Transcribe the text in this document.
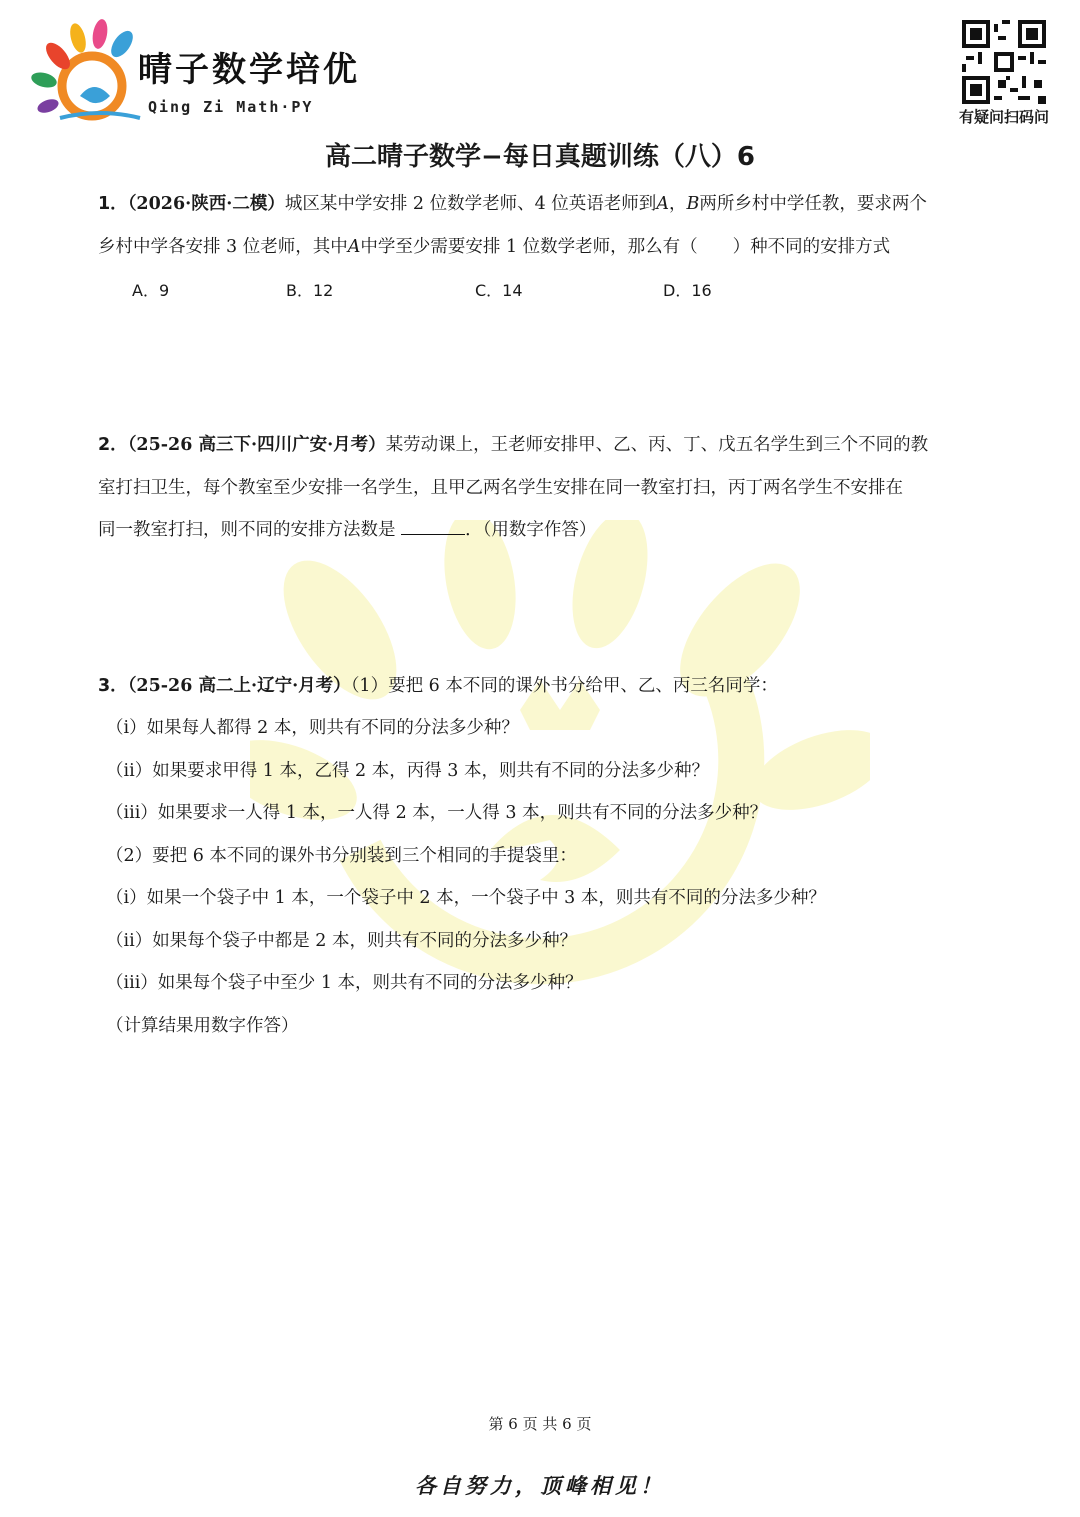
晴子数学培优
Qing Zi Math·PY
有疑问扫码问
高二晴子数学−每日真题训练（八）6
1．（2026·陕西·二模）城区某中学安排 2 位数学老师、4 位英语老师到A，B两所乡村中学任教，要求两个
乡村中学各安排 3 位老师，其中A中学至少需要安排 1 位数学老师，那么有（　　）种不同的安排方式
A．9	B．12	C．14	D．16
2．（25-26 高三下·四川广安·月考）某劳动课上，王老师安排甲、乙、丙、丁、戊五名学生到三个不同的教
室打扫卫生，每个教室至少安排一名学生，且甲乙两名学生安排在同一教室打扫，丙丁两名学生不安排在
同一教室打扫，则不同的安排方法数是	．（用数字作答）
3．（25-26 高二上·辽宁·月考）（1）要把 6 本不同的课外书分给甲、乙、丙三名同学：
（i）如果每人都得 2 本，则共有不同的分法多少种？
（ii）如果要求甲得 1 本，乙得 2 本，丙得 3 本，则共有不同的分法多少种？
（iii）如果要求一人得 1 本，一人得 2 本，一人得 3 本，则共有不同的分法多少种？
（2）要把 6 本不同的课外书分别装到三个相同的手提袋里：
（i）如果一个袋子中 1 本，一个袋子中 2 本，一个袋子中 3 本，则共有不同的分法多少种？
（ii）如果每个袋子中都是 2 本，则共有不同的分法多少种？
（iii）如果每个袋子中至少 1 本，则共有不同的分法多少种？
（计算结果用数字作答）
第 6 页 共 6 页
各自努力，顶峰相见！
